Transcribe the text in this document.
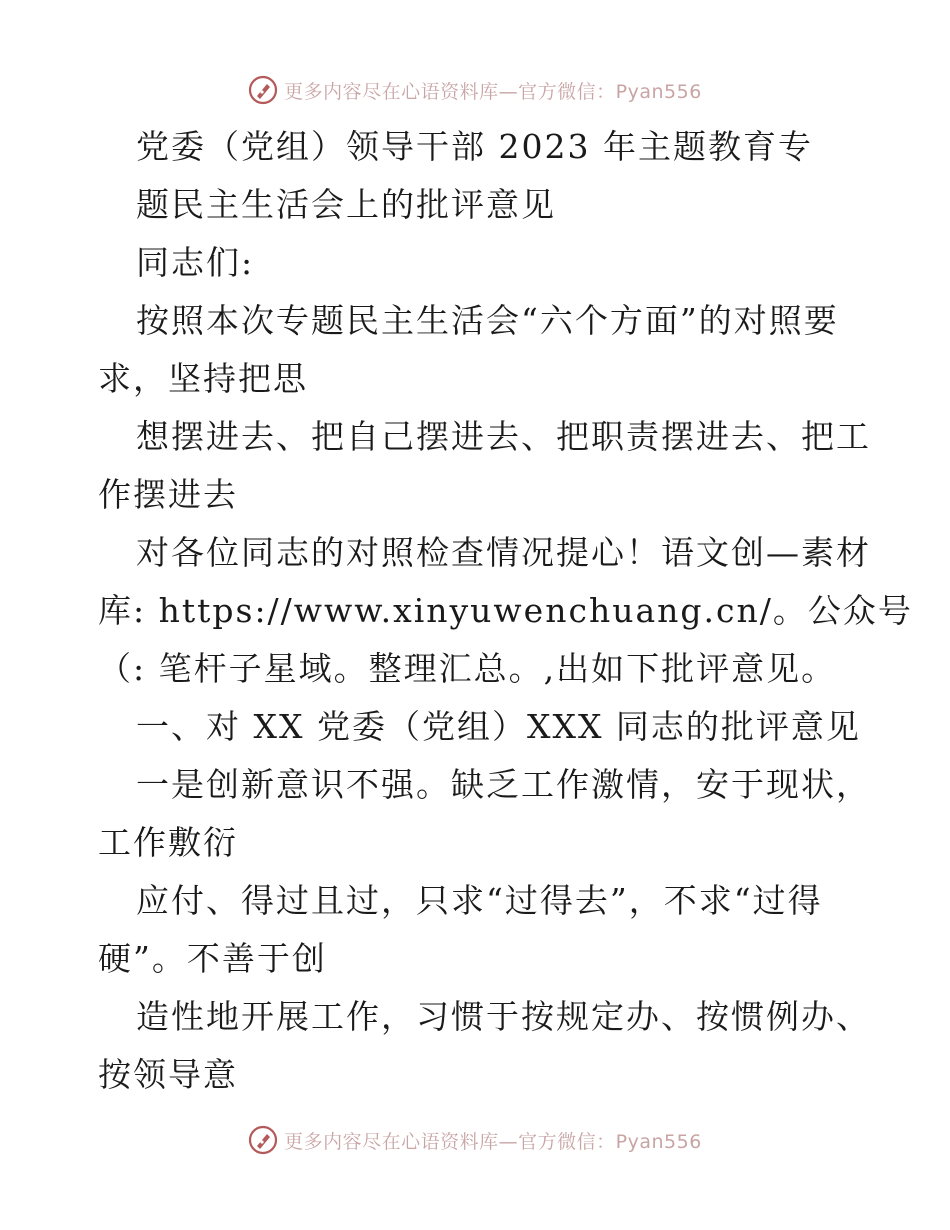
更多内容尽在心语资料库—官方微信：Pyan556
党委（党组）领导干部 2023 年主题教育专
题民主生活会上的批评意见
同志们:
按照本次专题民主生活会“六个方面”的对照要
求，坚持把思
想摆进去、把自己摆进去、把职责摆进去、把工
作摆进去
对各位同志的对照检查情况提心！语文创—素材
库: https://www.xinyuwenchuang.cn/。公众号
（: 笔杆子星域。整理汇总。,出如下批评意见。
一、对 XX 党委（党组）XXX 同志的批评意见
一是创新意识不强。缺乏工作激情，安于现状，
工作敷衍
应付、得过且过，只求“过得去”，不求“过得
硬”。不善于创
造性地开展工作，习惯于按规定办、按惯例办、
按领导意
更多内容尽在心语资料库—官方微信：Pyan556
